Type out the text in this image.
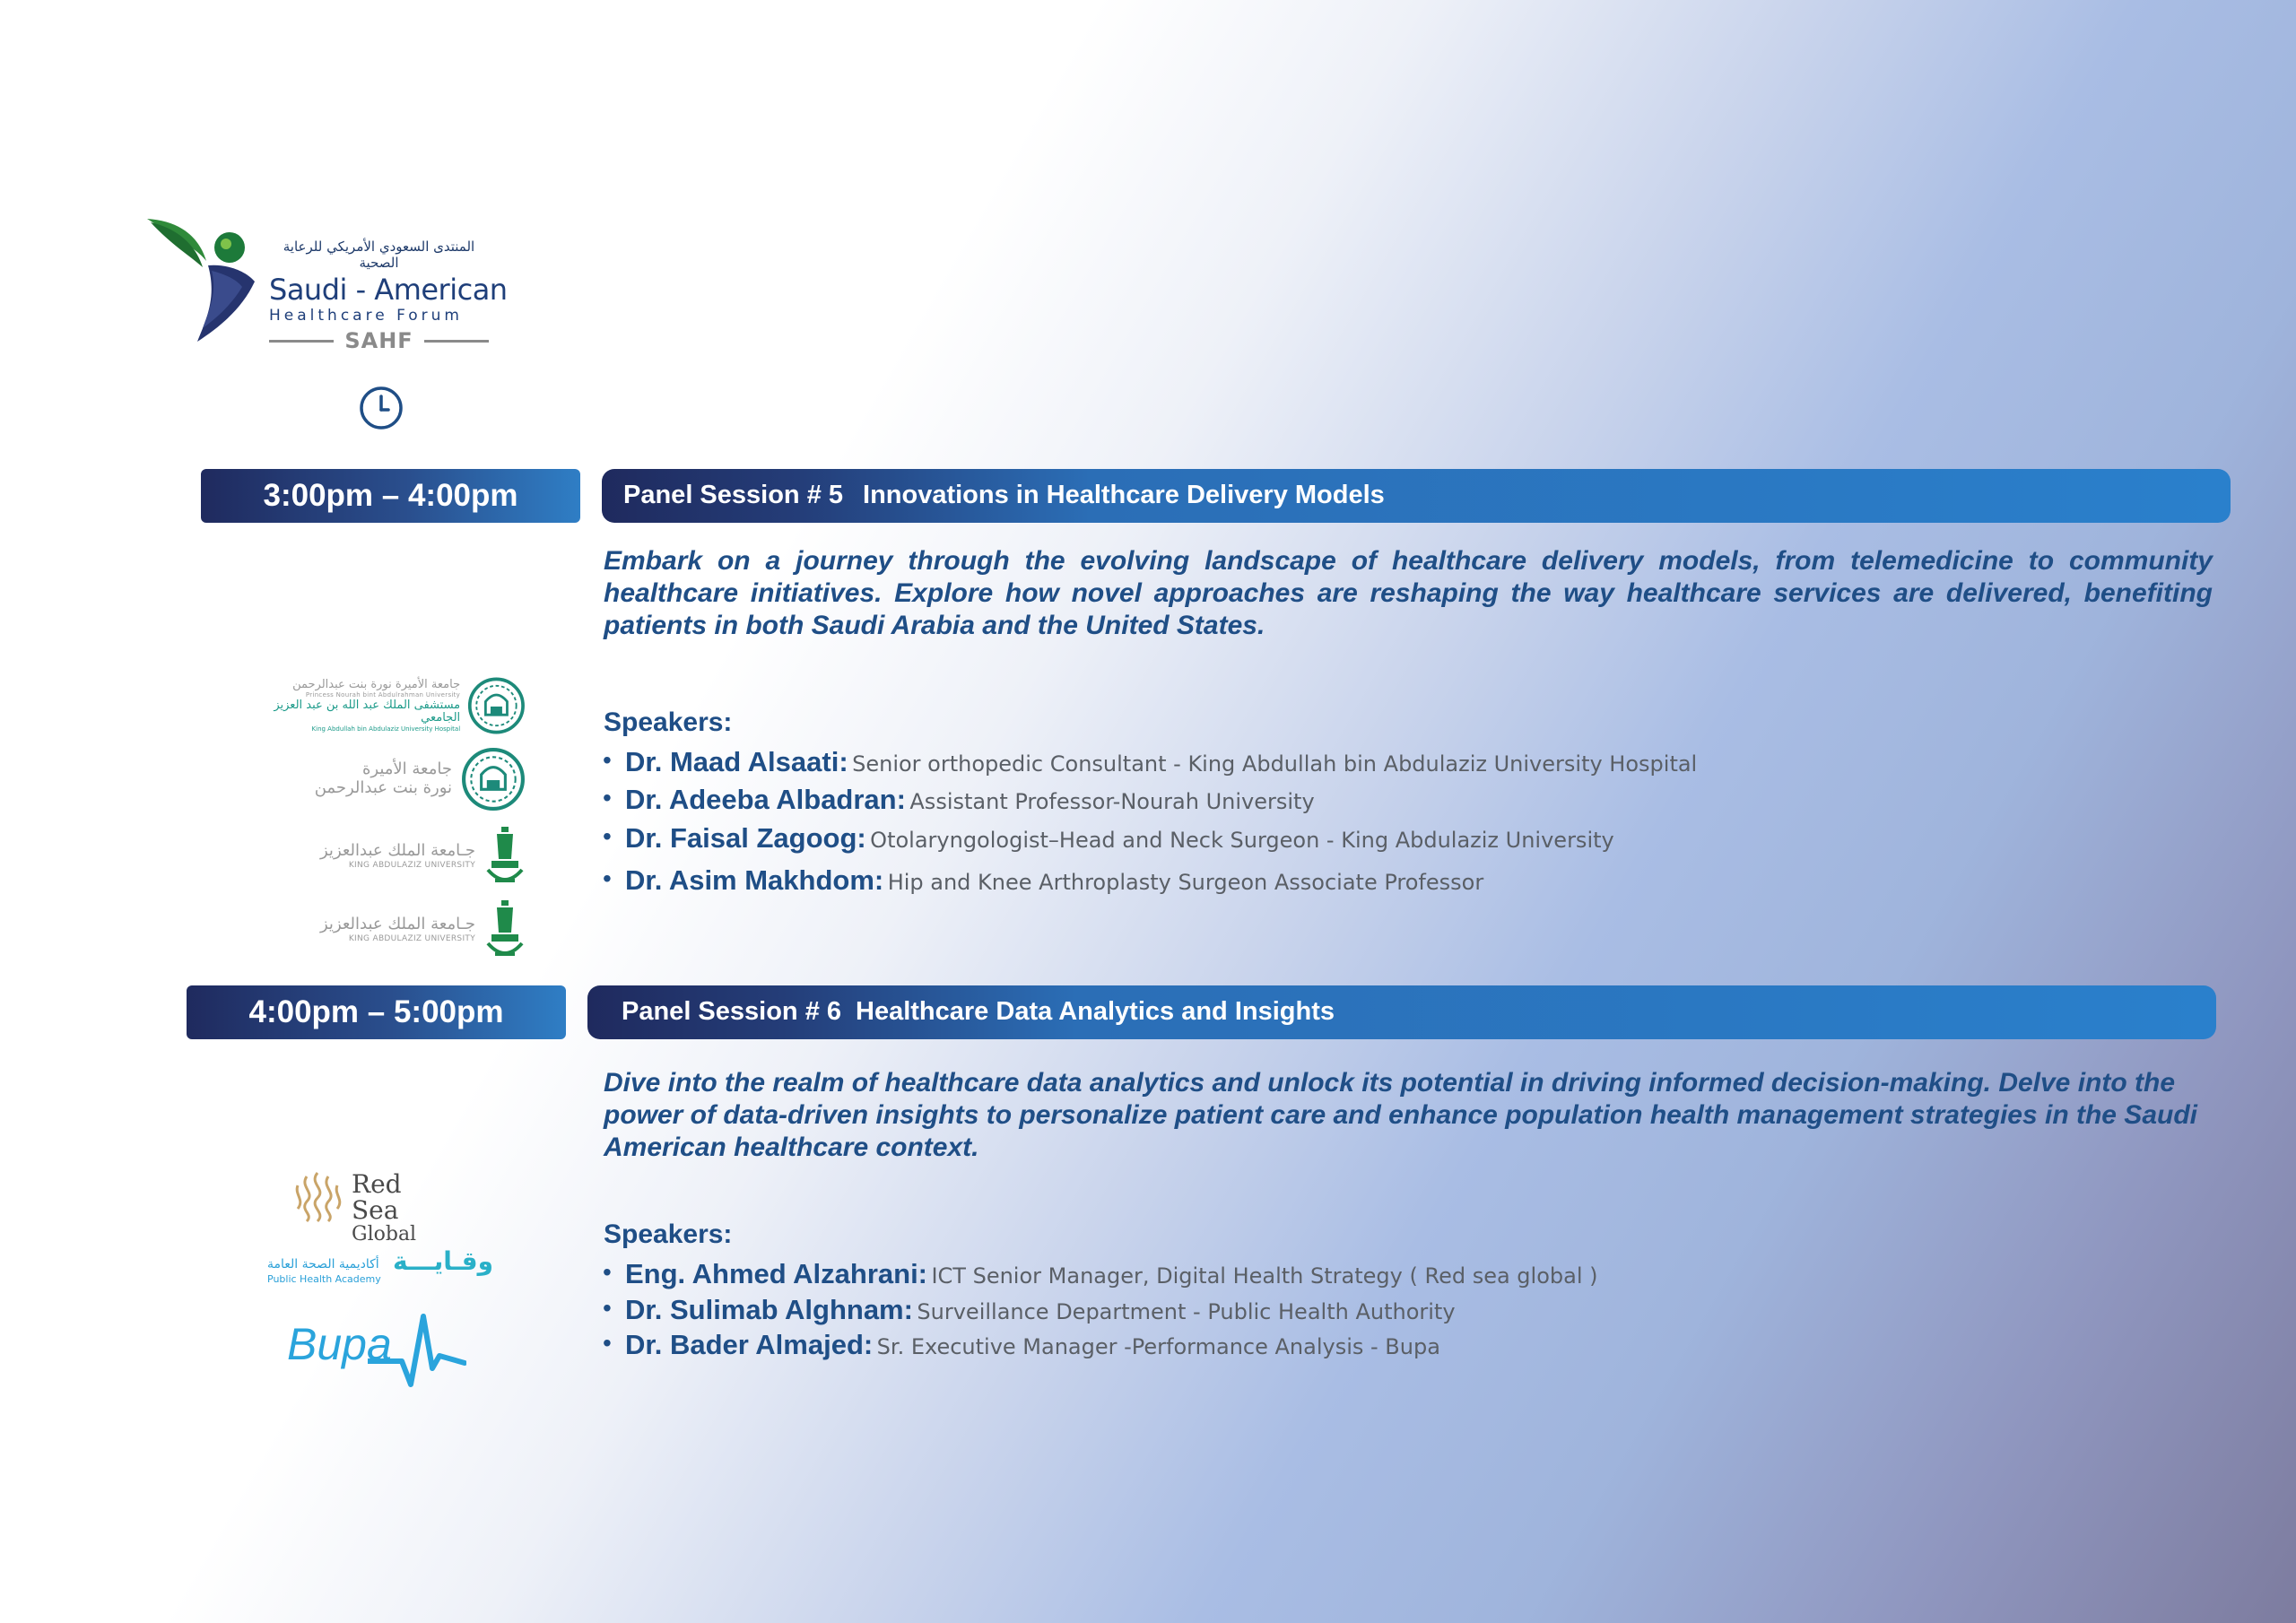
المنتدى السعودي الأمريكي للرعاية الصحية
Saudi - American
Healthcare Forum
SAHF
3:00pm – 4:00pm	Panel Session # 5 Innovations in Healthcare Delivery Models
Embark on a journey through the evolving landscape of healthcare delivery models, from telemedicine to community healthcare initiatives. Explore how novel approaches are reshaping the way healthcare services are delivered, benefiting patients in both Saudi Arabia and the United States.
Speakers:
• Dr. Maad Alsaati: Senior orthopedic Consultant - King Abdullah bin Abdulaziz University Hospital
• Dr. Adeeba Albadran: Assistant Professor-Nourah University
• Dr. Faisal Zagoog: Otolaryngologist–Head and Neck Surgeon - King Abdulaziz University
• Dr. Asim Makhdom: Hip and Knee Arthroplasty Surgeon Associate Professor
جامعة الأميرة نورة بنت عبدالرحمن
Princess Nourah bint Abdulrahman University
مستشفى الملك عبد الله بن عبد العزيز الجامعي
King Abdullah bin Abdulaziz University Hospital
جامعة الأميرة
نورة بنت عبدالرحمن
جـامعة الملك عبدالعزيز
KING ABDULAZIZ UNIVERSITY
جـامعة الملك عبدالعزيز
KING ABDULAZIZ UNIVERSITY
4:00pm – 5:00pm	Panel Session # 6 Healthcare Data Analytics and Insights
Dive into the realm of healthcare data analytics and unlock its potential in driving informed decision-making. Delve into the power of data-driven insights to personalize patient care and enhance population health management strategies in the Saudi American healthcare context.
Speakers:
• Eng. Ahmed Alzahrani: ICT Senior Manager, Digital Health Strategy ( Red sea global )
• Dr. Sulimab Alghnam: Surveillance Department - Public Health Authority
• Dr. Bader Almajed: Sr. Executive Manager -Performance Analysis - Bupa
Red Sea
Global
أكاديمية الصحة العامة
Public Health Academy
وقـايـــة
Bupa
